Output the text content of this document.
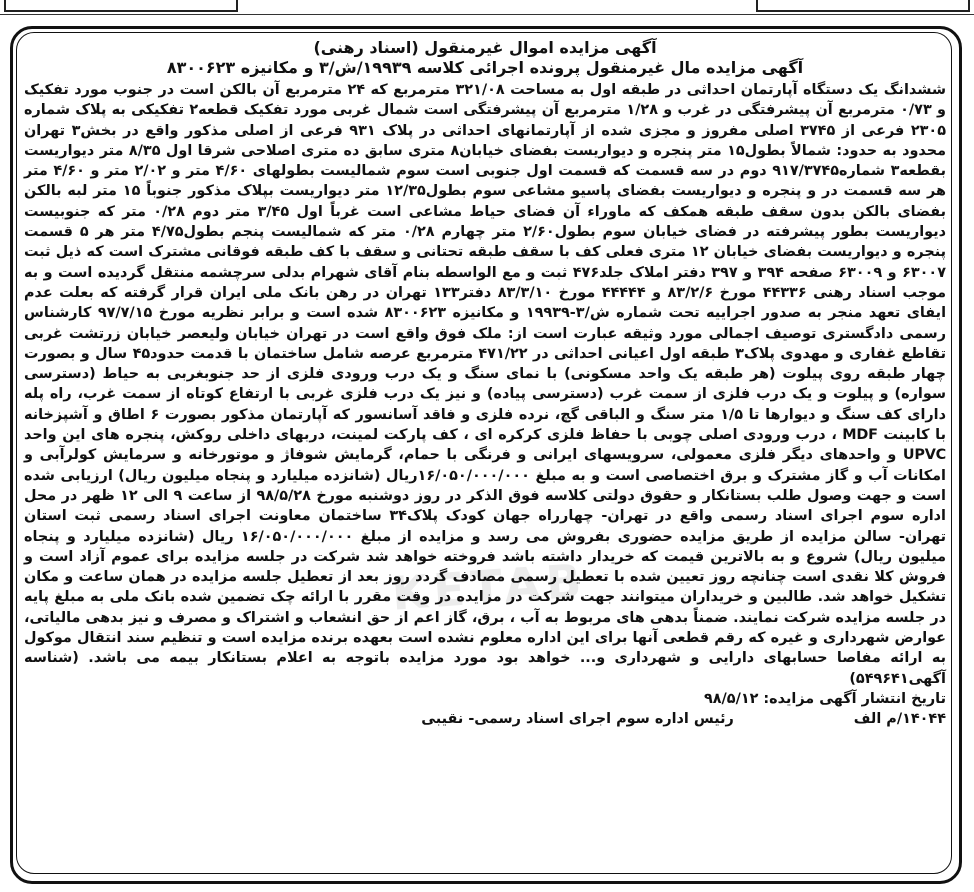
KETAB

آگهی مزایده اموال غیرمنقول (اسناد رهنی)

آگهی مزایده مال غیرمنقول پرونده اجرائی کلاسه ۱۹۹۳۹/ش/۳ و مکانیزه ۸۳۰۰۶۲۳

ششدانگ یک دستگاه آپارتمان احداثی در طبقه اول به مساحت ۳۲۱/۰۸ مترمربع که ۲۴ مترمربع آن بالکن است در جنوب مورد تفکیک و ۰/۷۳ مترمربع آن پیشرفتگی در غرب و ۱/۲۸ مترمربع آن پیشرفتگی است شمال غربی مورد تفکیک قطعه۲ تفکیکی به پلاک شماره ۲۳۰۵ فرعی از ۳۷۴۵ اصلی مفروز و مجزی شده از آپارتمانهای احداثی در پلاک ۹۳۱ فرعی از اصلی مذکور واقع در بخش۳ تهران محدود به حدود: شمالاً بطول۱۵ متر پنجره و دیواریست بفضای خیابان۸ متری سابق ده متری اصلاحی شرقا اول ۸/۳۵ متر دیواریست بقطعه۳ شماره۹۱۷/۳۷۴۵ دوم در سه قسمت که قسمت اول جنوبی است سوم شمالیست بطولهای ۴/۶۰ متر و ۲/۰۲ متر و ۴/۶۰ متر هر سه قسمت در و پنجره و دیواریست بفضای پاسیو مشاعی سوم بطول۱۲/۳۵ متر دیواریست بپلاک مذکور جنوباً ۱۵ متر لبه بالکن بفضای بالکن بدون سقف طبقه همکف که ماوراء آن فضای حیاط مشاعی است غرباً اول ۳/۴۵ متر دوم ۰/۲۸ متر که جنوبیست دیواریست بطور پیشرفته در فضای خیابان سوم بطول۲/۶۰ متر چهارم ۰/۲۸ متر که شمالیست پنجم بطول۴/۷۵ متر هر ۵ قسمت پنجره و دیواریست بفضای خیابان ۱۲ متری فعلی کف با سقف طبقه تحتانی و سقف با کف طبقه فوقانی مشترک است که ذیل ثبت ۶۳۰۰۷ و ۶۳۰۰۹ صفحه ۳۹۴ و ۳۹۷ دفتر املاک جلد۴۷۶ ثبت و مع الواسطه بنام آقای شهرام بدلی سرچشمه منتقل گردیده است و به موجب اسناد رهنی ۴۴۳۳۶ مورخ ۸۳/۲/۶ و ۴۴۴۴۴ مورخ ۸۳/۳/۱۰ دفتر۱۳۳ تهران در رهن بانک ملی ایران قرار گرفته که بعلت عدم ایفای تعهد منجر به صدور اجراییه تحت شماره ش/۳-۱۹۹۳۹ و مکانیزه ۸۳۰۰۶۲۳ شده است و برابر نظریه مورخ ۹۷/۷/۱۵ کارشناس رسمی دادگستری توصیف اجمالی مورد وثیقه عبارت است از: ملک فوق واقع است در تهران خیابان ولیعصر خیابان زرتشت غربی تقاطع غفاری و مهدوی پلاک۳ طبقه اول اعیانی احداثی در ۴۷۱/۲۲ مترمربع عرصه شامل ساختمان با قدمت حدود۴۵ سال و بصورت چهار طبقه روی پیلوت (هر طبقه یک واحد مسکونی) با نمای سنگ و یک درب ورودی فلزی از حد جنوبغربی به حیاط (دسترسی سواره) و پیلوت و یک درب فلزی از سمت غرب (دسترسی پیاده) و نیز یک درب فلزی غربی با ارتفاع کوتاه از سمت غرب، راه پله دارای کف سنگ و دیوارها تا ۱/۵ متر سنگ و الباقی گچ، نرده فلزی و فاقد آسانسور که آپارتمان مذکور بصورت ۶ اطاق و آشپزخانه با کابینت MDF ، درب ورودی اصلی چوبی با حفاظ فلزی کرکره ای ، کف پارکت لمینت، دربهای داخلی روکش، پنجره های این واحد UPVC و واحدهای دیگر فلزی معمولی، سرویسهای ایرانی و فرنگی با حمام، گرمایش شوفاژ و موتورخانه و سرمایش کولرآبی و امکانات آب و گاز مشترک و برق اختصاصی است و به مبلغ ۱۶/۰۵۰/۰۰۰/۰۰۰ریال (شانزده میلیارد و پنجاه میلیون ریال) ارزیابی شده است و جهت وصول طلب بستانکار و حقوق دولتی کلاسه فوق الذکر در روز دوشنبه مورخ ۹۸/۵/۲۸ از ساعت ۹ الی ۱۲ ظهر در محل اداره سوم اجرای اسناد رسمی واقع در تهران- چهارراه جهان کودک پلاک۳۴ ساختمان معاونت اجرای اسناد رسمی ثبت استان تهران- سالن مزایده از طریق مزایده حضوری بفروش می رسد و مزایده از مبلغ ۱۶/۰۵۰/۰۰۰/۰۰۰ ریال (شانزده میلیارد و پنجاه میلیون ریال) شروع و به بالاترین قیمت که خریدار داشته باشد فروخته خواهد شد شرکت در جلسه مزایده برای عموم آزاد است و فروش کلا نقدی است چنانچه روز تعیین شده با تعطیل رسمی مصادف گردد روز بعد از تعطیل جلسه مزایده در همان ساعت و مکان تشکیل خواهد شد. طالبین و خریداران میتوانند جهت شرکت در مزایده در وقت مقرر با ارائه چک تضمین شده بانک ملی به مبلغ پایه در جلسه مزایده شرکت نمایند. ضمناً بدهی های مربوط به آب ، برق، گاز اعم از حق انشعاب و اشتراک و مصرف و نیز بدهی مالیاتی، عوارض شهرداری و غیره که رقم قطعی آنها برای این اداره معلوم نشده است بعهده برنده مزایده است و تنظیم سند انتقال موکول به ارائه مفاصا حسابهای دارایی و شهرداری و... خواهد بود مورد مزایده باتوجه به اعلام بستانکار بیمه می باشد. (شناسه آگهی۵۴۹۶۴۱)

تاریخ انتشار آگهی مزایده: ۹۸/۵/۱۲

۱۴۰۴۴/م الف
رئیس اداره سوم اجرای اسناد رسمی- نقیبی
